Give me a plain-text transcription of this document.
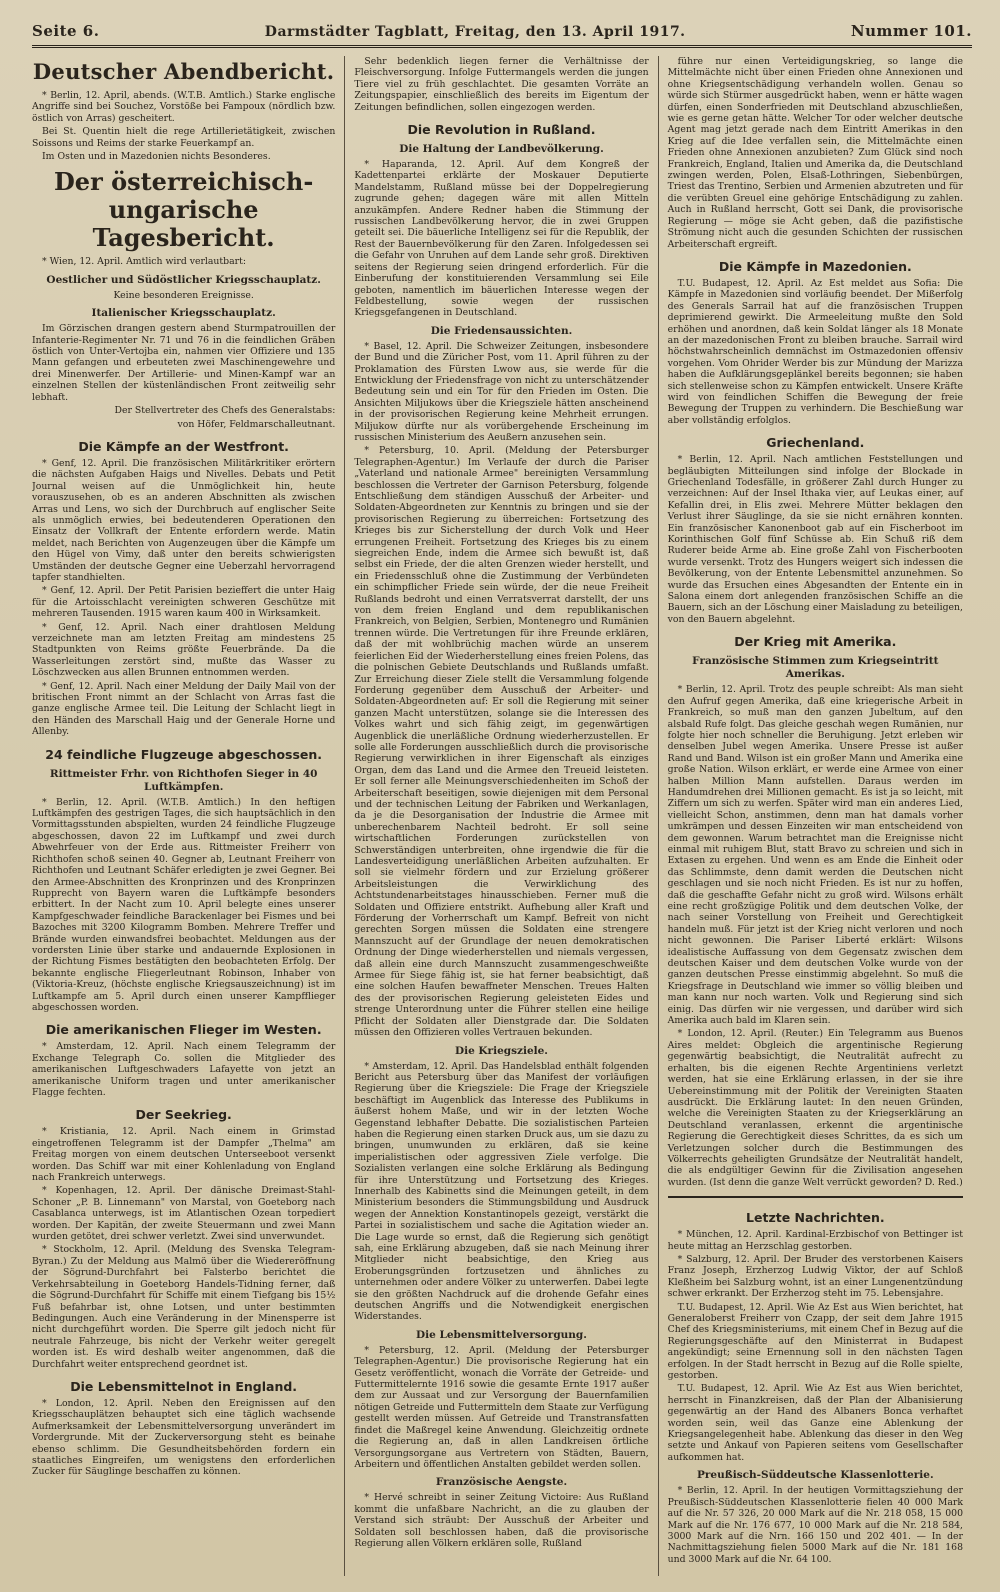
Seite 6.	Darmstädter Tagblatt, Freitag, den 13. April 1917.	Nummer 101.
Deutscher Abendbericht.

* Berlin, 12. April, abends. (W.T.B. Amtlich.) Starke englische Angriffe sind bei Souchez, Vorstöße bei Fampoux (nördlich bzw. östlich von Arras) gescheitert.

Bei St. Quentin hielt die rege Artillerietätigkeit, zwischen Soissons und Reims der starke Feuerkampf an.

Im Osten und in Mazedonien nichts Besonderes.

Der österreichisch-ungarische Tagesbericht.

* Wien, 12. April. Amtlich wird verlautbart:

Oestlicher und Südöstlicher Kriegsschauplatz.

Keine besonderen Ereignisse.

Italienischer Kriegsschauplatz.

Im Görzischen drangen gestern abend Sturmpatrouillen der Infanterie-Regimenter Nr. 71 und 76 in die feindlichen Gräben östlich von Unter-Vertojba ein, nahmen vier Offiziere und 135 Mann gefangen und erbeuteten zwei Maschinengewehre und drei Minenwerfer. Der Artillerie- und Minen-Kampf war an einzelnen Stellen der küstenländischen Front zeitweilig sehr lebhaft.

Der Stellvertreter des Chefs des Generalstabs:

von Höfer, Feldmarschalleutnant.

Die Kämpfe an der Westfront.

* Genf, 12. April. Die französischen Militärkritiker erörtern die nächsten Aufgaben Haigs und Nivelles. Debats und Petit Journal weisen auf die Unmöglichkeit hin, heute vorauszusehen, ob es an anderen Abschnitten als zwischen Arras und Lens, wo sich der Durchbruch auf englischer Seite als unmöglich erwies, bei bedeutenderen Operationen den Einsatz der Vollkraft der Entente erfordern werde. Matin meldet, nach Berichten von Augenzeugen über die Kämpfe um den Hügel von Vimy, daß unter den bereits schwierigsten Umständen der deutsche Gegner eine Ueberzahl hervorragend tapfer standhielten.

* Genf, 12. April. Der Petit Parisien bezieffert die unter Haig für die Artoisschlacht vereinigten schweren Geschütze mit mehreren Tausenden. 1915 waren kaum 400 in Wirksamkeit.

* Genf, 12. April. Nach einer drahtlosen Meldung verzeichnete man am letzten Freitag am mindestens 25 Stadtpunkten von Reims größte Feuerbrände. Da die Wasserleitungen zerstört sind, mußte das Wasser zu Löschzwecken aus allen Brunnen entnommen werden.

* Genf, 12. April. Nach einer Meldung der Daily Mail von der britischen Front nimmt an der Schlacht von Arras fast die ganze englische Armee teil. Die Leitung der Schlacht liegt in den Händen des Marschall Haig und der Generale Horne und Allenby.

24 feindliche Flugzeuge abgeschossen.
Rittmeister Frhr. von Richthofen Sieger in 40 Luftkämpfen.

* Berlin, 12. April. (W.T.B. Amtlich.) In den heftigen Luftkämpfen des gestrigen Tages, die sich hauptsächlich in den Vormittagsstunden abspielten, wurden 24 feindliche Flugzeuge abgeschossen, davon 22 im Luftkampf und zwei durch Abwehrfeuer von der Erde aus. Rittmeister Freiherr von Richthofen schoß seinen 40. Gegner ab, Leutnant Freiherr von Richthofen und Leutnant Schäfer erledigten je zwei Gegner. Bei den Armee-Abschnitten des Kronprinzen und des Kronprinzen Rupprecht von Bayern waren die Luftkämpfe besonders erbittert. In der Nacht zum 10. April belegte eines unserer Kampfgeschwader feindliche Barackenlager bei Fismes und bei Bazoches mit 3200 Kilogramm Bomben. Mehrere Treffer und Brände wurden einwandsfrei beobachtet. Meldungen aus der vordersten Linie über starke und andauernde Explosionen in der Richtung Fismes bestätigten den beobachteten Erfolg. Der bekannte englische Fliegerleutnant Robinson, Inhaber von (Viktoria-Kreuz, (höchste englische Kriegsauszeichnung) ist im Luftkampfe am 5. April durch einen unserer Kampfflieger abgeschossen worden.

Die amerikanischen Flieger im Westen.

* Amsterdam, 12. April. Nach einem Telegramm der Exchange Telegraph Co. sollen die Mitglieder des amerikanischen Luftgeschwaders Lafayette von jetzt an amerikanische Uniform tragen und unter amerikanischer Flagge fechten.

Der Seekrieg.

* Kristiania, 12. April. Nach einem in Grimstad eingetroffenen Telegramm ist der Dampfer „Thelma" am Freitag morgen von einem deutschen Unterseeboot versenkt worden. Das Schiff war mit einer Kohlenladung von England nach Frankreich unterwegs.

* Kopenhagen, 12. April. Der dänische Dreimast-Stahl-Schoner „P. B. Linnemann" von Marstal, von Goeteborg nach Casablanca unterwegs, ist im Atlantischen Ozean torpediert worden. Der Kapitän, der zweite Steuermann und zwei Mann wurden getötet, drei schwer verletzt. Zwei sind unverwundet.

* Stockholm, 12. April. (Meldung des Svenska Telegram-Byran.) Zu der Meldung aus Malmö über die Wiedereröffnung der Sögrund-Durchfahrt bei Falsterbo berichtet die Verkehrsabteilung in Goeteborg Handels-Tidning ferner, daß die Sögrund-Durchfahrt für Schiffe mit einem Tiefgang bis 15½ Fuß befahrbar ist, ohne Lotsen, und unter bestimmten Bedingungen. Auch eine Veränderung in der Minensperre ist nicht durchgeführt worden. Die Sperre gilt jedoch nicht für neutrale Fahrzeuge, bis nicht der Verkehr weiter geregelt worden ist. Es wird deshalb weiter angenommen, daß die Durchfahrt weiter entsprechend geordnet ist.

Die Lebensmittelnot in England.

* London, 12. April. Neben den Ereignissen auf den Kriegsschauplätzen behauptet sich eine täglich wachsende Aufmerksamkeit der Lebensmittelversorgung unverändert im Vordergrunde. Mit der Zuckerversorgung steht es beinahe ebenso schlimm. Die Gesundheitsbehörden fordern ein staatliches Eingreifen, um wenigstens den erforderlichen Zucker für Säuglinge beschaffen zu können.

Sehr bedenklich liegen ferner die Verhältnisse der Fleischversorgung. Infolge Futtermangels werden die jungen Tiere viel zu früh geschlachtet. Die gesamten Vorräte an Zeitungspapier, einschließlich des bereits im Eigentum der Zeitungen befindlichen, sollen eingezogen werden.

Die Revolution in Rußland.
Die Haltung der Landbevölkerung.

* Haparanda, 12. April. Auf dem Kongreß der Kadettenpartei erklärte der Moskauer Deputierte Mandelstamm, Rußland müsse bei der Doppelregierung zugrunde gehen; dagegen wäre mit allen Mitteln anzukämpfen. Andere Redner haben die Stimmung der russischen Landbevölkerung hervor, die in zwei Gruppen geteilt sei. Die bäuerliche Intelligenz sei für die Republik, der Rest der Bauernbevölkerung für den Zaren. Infolgedessen sei die Gefahr von Unruhen auf dem Lande sehr groß. Direktiven seitens der Regierung seien dringend erforderlich. Für die Einberufung der konstituierenden Versammlung sei Eile geboten, namentlich im bäuerlichen Interesse wegen der Feldbestellung, sowie wegen der russischen Kriegsgefangenen in Deutschland.

Die Friedensaussichten.

* Basel, 12. April. Die Schweizer Zeitungen, insbesondere der Bund und die Züricher Post, vom 11. April führen zu der Proklamation des Fürsten Lwow aus, sie werde für die Entwicklung der Friedensfrage von nicht zu unterschätzender Bedeutung sein und ein Tor für den Frieden im Osten. Die Ansichten Miljukows über die Kriegsziele hätten anscheinend in der provisorischen Regierung keine Mehrheit errungen. Miljukow dürfte nur als vorübergehende Erscheinung im russischen Ministerium des Aeußern anzusehen sein.

* Petersburg, 10. April. (Meldung der Petersburger Telegraphen-Agentur.) Im Verlaufe der durch die Pariser „Vaterland und nationale Armee" bereinigten Versammlung beschlossen die Vertreter der Garnison Petersburg, folgende Entschließung dem ständigen Ausschuß der Arbeiter- und Soldaten-Abgeordneten zur Kenntnis zu bringen und sie der provisorischen Regierung zu überreichen: Fortsetzung des Krieges bis zur Sicherstellung der durch Volk und Heer errungenen Freiheit. Fortsetzung des Krieges bis zu einem siegreichen Ende, indem die Armee sich bewußt ist, daß selbst ein Friede, der die alten Grenzen wieder herstellt, und ein Friedensschluß ohne die Zustimmung der Verbündeten ein schimpflicher Friede sein würde, der die neue Freiheit Rußlands bedroht und einen Verratsverrat darstellt, der uns von dem freien England und dem republikanischen Frankreich, von Belgien, Serbien, Montenegro und Rumänien trennen würde. Die Vertretungen für ihre Freunde erklären, daß der mit wohlbrüchig machen würde an unserem feierlichen Eid der Wiederherstellung eines freien Polens, das die polnischen Gebiete Deutschlands und Rußlands umfaßt. Zur Erreichung dieser Ziele stellt die Versammlung folgende Forderung gegenüber dem Ausschuß der Arbeiter- und Soldaten-Abgeordneten auf: Er soll die Regierung mit seiner ganzen Macht unterstützen, solange sie die Interessen des Volkes wahrt und sich fähig zeigt, im gegenwärtigen Augenblick die unerläßliche Ordnung wiederherzustellen. Er solle alle Forderungen ausschließlich durch die provisorische Regierung verwirklichen in ihrer Eigenschaft als einziges Organ, dem das Land und die Armee den Treueid leisteten. Er soll ferner alle Meinungsverschiedenheiten im Schoß der Arbeiterschaft beseitigen, sowie diejenigen mit dem Personal und der technischen Leitung der Fabriken und Werkanlagen, da je die Desorganisation der Industrie die Armee mit unberechenbarem Nachteil bedroht. Er soll seine wirtschaftlichen Forderungen zurückstellen von Schwerständigen unterbreiten, ohne irgendwie die für die Landesverteidigung unerläßlichen Arbeiten aufzuhalten. Er soll sie vielmehr fördern und zur Erzielung größerer Arbeitsleistungen die Verwirklichung des Achtstundenarbeitstages hinausschieben. Ferner muß die Soldaten und Offiziere entstrikt. Aufhebung aller Kraft und Förderung der Vorherrschaft um Kampf. Befreit von nicht gerechten Sorgen müssen die Soldaten eine strengere Mannszucht auf der Grundlage der neuen demokratischen Ordnung der Dinge wiederherstellen und niemals vergessen, daß allein eine durch Mannszucht zusammengeschweißte Armee für Siege fähig ist, sie hat ferner beabsichtigt, daß eine solchen Haufen bewaffneter Menschen. Treues Halten des der provisorischen Regierung geleisteten Eides und strenge Unterordnung unter die Führer stellen eine heilige Pflicht der Soldaten aller Dienstgrade dar. Die Soldaten müssen den Offizieren volles Vertrauen bekunden.

Die Kriegsziele.

* Amsterdam, 12. April. Das Handelsblad enthält folgenden Bericht aus Petersburg über das Manifest der vorläufigen Regierung über die Kriegsziele: Die Frage der Kriegsziele beschäftigt im Augenblick das Interesse des Publikums in äußerst hohem Maße, und wir in der letzten Woche Gegenstand lebhafter Debatte. Die sozialistischen Parteien haben die Regierung einen starken Druck aus, um sie dazu zu bringen, unumwunden zu erklären, daß sie keine imperialistischen oder aggressiven Ziele verfolge. Die Sozialisten verlangen eine solche Erklärung als Bedingung für ihre Unterstützung und Fortsetzung des Krieges. Innerhalb des Kabinetts sind die Meinungen geteilt, in dem Ministerium besonders die Stimmungsbildung und Ausdruck wegen der Annektion Konstantinopels gezeigt, verstärkt die Partei in sozialistischem und sache die Agitation wieder an. Die Lage wurde so ernst, daß die Regierung sich genötigt sah, eine Erklärung abzugeben, daß sie nach Meinung ihrer Mitglieder nicht beabsichtige, den Krieg aus Eroberungsgründen fortzusetzen und ähnliches zu unternehmen oder andere Völker zu unterwerfen. Dabei legte sie den größten Nachdruck auf die drohende Gefahr eines deutschen Angriffs und die Notwendigkeit energischen Widerstandes.

Die Lebensmittelversorgung.

* Petersburg, 12. April. (Meldung der Petersburger Telegraphen-Agentur.) Die provisorische Regierung hat ein Gesetz veröffentlicht, wonach die Vorräte der Getreide- und Futtermittelernte 1916 sowie die gesamte Ernte 1917 außer dem zur Aussaat und zur Versorgung der Bauernfamilien nötigen Getreide und Futtermitteln dem Staate zur Verfügung gestellt werden müssen. Auf Getreide und Transtransfatten findet die Maßregel keine Anwendung. Gleichzeitig ordnete die Regierung an, daß in allen Landkreisen örtliche Versorgungsorgane aus Vertretern von Städten, Bauern, Arbeitern und öffentlichen Anstalten gebildet werden sollen.

Französische Aengste.

* Hervé schreibt in seiner Zeitung Victoire: Aus Rußland kommt die unfaßbare Nachricht, an die zu glauben der Verstand sich sträubt: Der Ausschuß der Arbeiter und Soldaten soll beschlossen haben, daß die provisorische Regierung allen Völkern erklären solle, Rußland

führe nur einen Verteidigungskrieg, so lange die Mittelmächte nicht über einen Frieden ohne Annexionen und ohne Kriegsentschädigung verhandeln wollen. Genau so würde sich Stürmer ausgedrückt haben, wenn er hätte wagen dürfen, einen Sonderfrieden mit Deutschland abzuschließen, wie es gerne getan hätte. Welcher Tor oder welcher deutsche Agent mag jetzt gerade nach dem Eintritt Amerikas in den Krieg auf die Idee verfallen sein, die Mittelmächte einen Frieden ohne Annexionen anzubieten? Zum Glück sind noch Frankreich, England, Italien und Amerika da, die Deutschland zwingen werden, Polen, Elsaß-Lothringen, Siebenbürgen, Triest das Trentino, Serbien und Armenien abzutreten und für die verübten Greuel eine gehörige Entschädigung zu zahlen. Auch in Rußland herrscht, Gott sei Dank, die provisorische Regierung — möge sie Acht geben, daß die pazifistische Strömung nicht auch die gesunden Schichten der russischen Arbeiterschaft ergreift.

Die Kämpfe in Mazedonien.

T.U. Budapest, 12. April. Az Est meldet aus Sofia: Die Kämpfe in Mazedonien sind vorläufig beendet. Der Mißerfolg des Generals Sarrail hat auf die französischen Truppen deprimierend gewirkt. Die Armeeleitung mußte den Sold erhöhen und anordnen, daß kein Soldat länger als 18 Monate an der mazedonischen Front zu bleiben brauche. Sarrail wird höchstwahrscheinlich demnächst im Ostmazedonien offensiv vorgehen. Vom Ohrider Werder bis zur Mündung der Marizza haben die Aufklärungsgeplänkel bereits begonnen; sie haben sich stellenweise schon zu Kämpfen entwickelt. Unsere Kräfte wird von feindlichen Schiffen die Bewegung der freie Bewegung der Truppen zu verhindern. Die Beschießung war aber vollständig erfolglos.

Griechenland.

* Berlin, 12. April. Nach amtlichen Feststellungen und begläubigten Mitteilungen sind infolge der Blockade in Griechenland Todesfälle, in größerer Zahl durch Hunger zu verzeichnen: Auf der Insel Ithaka vier, auf Leukas einer, auf Kefallin drei, in Elis zwei. Mehrere Mütter beklagen den Verlust ihrer Säuglinge, da sie sie nicht ernähren konnten. Ein französischer Kanonenboot gab auf ein Fischerboot im Korinthischen Golf fünf Schüsse ab. Ein Schuß riß dem Ruderer beide Arme ab. Eine große Zahl von Fischerbooten wurde versenkt. Trotz des Hungers weigert sich indessen die Bevölkerung, von der Entente Lebensmittel anzunehmen. So wurde das Ersuchen eines Abgesandten der Entente ein in Salona einem dort anlegenden französischen Schiffe an die Bauern, sich an der Löschung einer Maisladung zu beteiligen, von den Bauern abgelehnt.

Der Krieg mit Amerika.
Französische Stimmen zum Kriegseintritt Amerikas.

* Berlin, 12. April. Trotz des peuple schreibt: Als man sieht den Aufruf gegen Amerika, daß eine kriegerische Arbeit in Frankreich, so muß man den ganzen Jubeltum, auf den alsbald Rufe folgt. Das gleiche geschah wegen Rumänien, nur folgte hier noch schneller die Beruhigung. Jetzt erleben wir denselben Jubel wegen Amerika. Unsere Presse ist außer Rand und Band. Wilson ist ein großer Mann und Amerika eine große Nation. Wilson erklärt, er werde eine Armee von einer halben Million Mann aufstellen. Daraus werden im Handumdrehen drei Millionen gemacht. Es ist ja so leicht, mit Ziffern um sich zu werfen. Später wird man ein anderes Lied, vielleicht Schon, anstimmen, denn man hat damals vorher umkrämpen und dessen Einzeiten wir man entscheidend von dem gewonnen. Warum betrachtet man die Ereignisse nicht einmal mit ruhigem Blut, statt Bravo zu schreien und sich in Extasen zu ergehen. Und wenn es am Ende die Einheit oder das Schlimmste, denn damit werden die Deutschen nicht geschlagen und sie noch nicht Frieden. Es ist nur zu hoffen, daß die geschaffte Gefahr nicht zu groß wird. Wilsons erhält eine recht großzügige Politik und dem deutschen Volke, der nach seiner Vorstellung von Freiheit und Gerechtigkeit handeln muß. Für jetzt ist der Krieg nicht verloren und noch nicht gewonnen. Die Pariser Liberté erklärt: Wilsons idealistische Auffassung von dem Gegensatz zwischen dem deutschen Kaiser und dem deutschen Volke wurde von der ganzen deutschen Presse einstimmig abgelehnt. So muß die Kriegsfrage in Deutschland wie immer so völlig bleiben und man kann nur noch warten. Volk und Regierung sind sich einig. Das dürfen wir nie vergessen, und darüber wird sich Amerika auch bald im Klaren sein.

* London, 12. April. (Reuter.) Ein Telegramm aus Buenos Aires meldet: Obgleich die argentinische Regierung gegenwärtig beabsichtigt, die Neutralität aufrecht zu erhalten, bis die eigenen Rechte Argentiniens verletzt werden, hat sie eine Erklärung erlassen, in der sie ihre Uebereinstimmung mit der Politik der Vereinigten Staaten ausdrückt. Die Erklärung lautet: In den neuen Gründen, welche die Vereinigten Staaten zu der Kriegserklärung an Deutschland veranlassen, erkennt die argentinische Regierung die Gerechtigkeit dieses Schrittes, da es sich um Verletzungen solcher durch die Bestimmungen des Völkerrechts geheiligten Grundsätze der Neutralität handelt, die als endgültiger Gewinn für die Zivilisation angesehen wurden. (Ist denn die ganze Welt verrückt geworden? D. Red.)

Letzte Nachrichten.

* München, 12. April. Kardinal-Erzbischof von Bettinger ist heute mittag an Herzschlag gestorben.

* Salzburg, 12. April. Der Bruder des verstorbenen Kaisers Franz Joseph, Erzherzog Ludwig Viktor, der auf Schloß Kleßheim bei Salzburg wohnt, ist an einer Lungenentzündung schwer erkrankt. Der Erzherzog steht im 75. Lebensjahre.

T.U. Budapest, 12. April. Wie Az Est aus Wien berichtet, hat Generaloberst Freiherr von Czapp, der seit dem Jahre 1915 Chef des Kriegsministeriums, mit einem Chef in Bezug auf die Regierungsgeschäfte auf den Ministerrat in Budapest angekündigt; seine Ernennung soll in den nächsten Tagen erfolgen. In der Stadt herrscht in Bezug auf die Rolle spielte, gestorben.

T.U. Budapest, 12. April. Wie Az Est aus Wien berichtet, herrscht in Finanzkreisen, daß der Plan der Albanisierung gegenwärtig an der Hand des Albaners Bonca verhaftet worden sein, weil das Ganze eine Ablenkung der Kriegsangelegenheit habe. Ablenkung das dieser in den Weg setzte und Ankauf von Papieren seitens vom Gesellschafter aufkommen hat.

Preußisch-Süddeutsche Klassenlotterie.

* Berlin, 12. April. In der heutigen Vormittagsziehung der Preußisch-Süddeutschen Klassenlotterie fielen 40 000 Mark auf die Nr. 57 326, 20 000 Mark auf die Nr. 218 058, 15 000 Mark auf die Nr. 176 677, 10 000 Mark auf die Nr. 218 584, 3000 Mark auf die Nrn. 166 150 und 202 401. — In der Nachmittagsziehung fielen 5000 Mark auf die Nr. 181 168 und 3000 Mark auf die Nr. 64 100.
